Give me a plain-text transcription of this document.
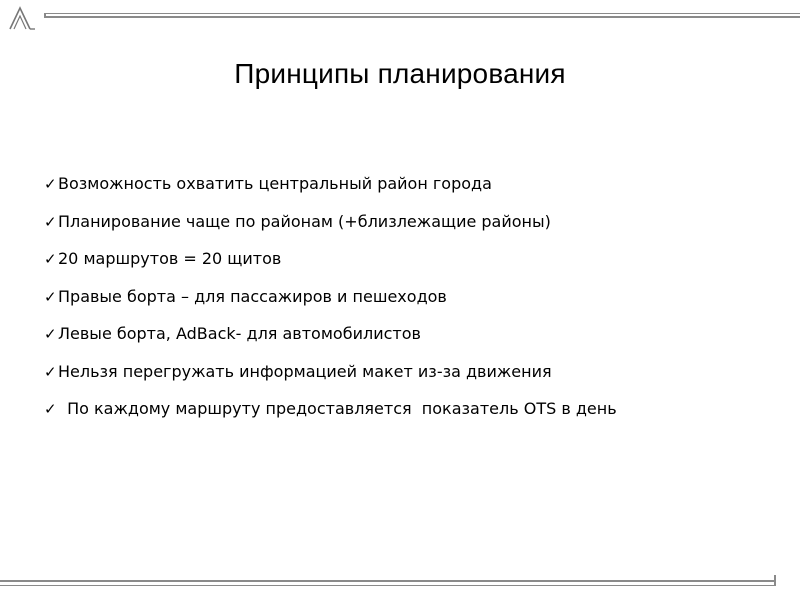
Принципы планирования
✓ Возможность охватить центральный район города
✓ Планирование чаще по районам (+близлежащие районы)
✓ 20 маршрутов = 20 щитов
✓ Правые борта – для пассажиров и пешеходов
✓ Левые борта, AdBack- для автомобилистов
✓ Нельзя перегружать информацией макет из-за движения
✓ По каждому маршруту предоставляется  показатель OTS в день
